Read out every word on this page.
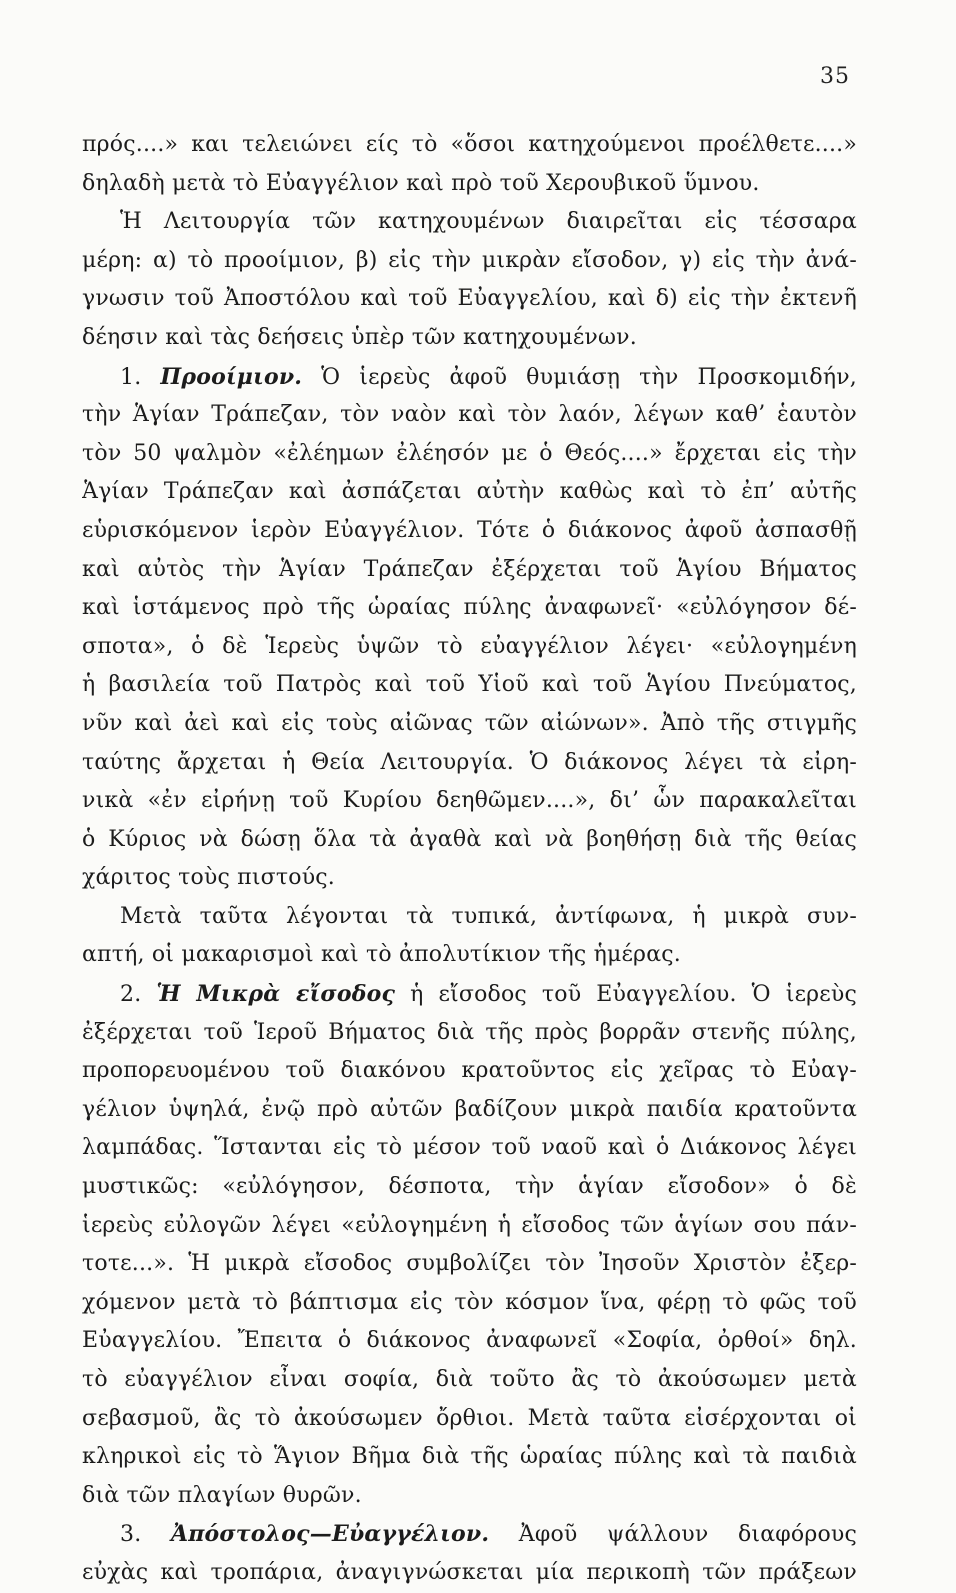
35
πρός....» και τελειώνει είς τὸ «ὅσοι κατηχούμενοι προέλθετε....»
δηλαδὴ μετὰ τὸ Εὐαγγέλιον καὶ πρὸ τοῦ Χερουβικοῦ ὕμνου.
Ἡ Λειτουργία τῶν κατηχουμένων διαιρεῖται εἰς τέσσαρα
μέρη: α) τὸ προοίμιον, β) εἰς τὴν μικρὰν εἴσοδον, γ) εἰς τὴν ἀνά-
γνωσιν τοῦ Ἀποστόλου καὶ τοῦ Εὐαγγελίου, καὶ δ) εἰς τὴν ἐκτενῆ
δέησιν καὶ τὰς δεήσεις ὑπὲρ τῶν κατηχουμένων.
1. Προοίμιον. Ὁ ἱερεὺς ἀφοῦ θυμιάσῃ τὴν Προσκομιδήν,
τὴν Ἁγίαν Τράπεζαν, τὸν ναὸν καὶ τὸν λαόν, λέγων καθ’ ἑαυτὸν
τὸν 50 ψαλμὸν «ἐλέημων ἐλέησόν με ὁ Θεός....» ἔρχεται εἰς τὴν
Ἁγίαν Τράπεζαν καὶ ἀσπάζεται αὐτὴν καθὼς καὶ τὸ ἐπ’ αὐτῆς
εὑρισκόμενον ἱερὸν Εὐαγγέλιον. Τότε ὁ διάκονος ἀφοῦ ἀσπασθῇ
καὶ αὐτὸς τὴν Ἁγίαν Τράπεζαν ἐξέρχεται τοῦ Ἁγίου Βήματος
καὶ ἱστάμενος πρὸ τῆς ὡραίας πύλης ἀναφωνεῖ· «εὐλόγησον δέ-
σποτα», ὁ δὲ Ἱερεὺς ὑψῶν τὸ εὐαγγέλιον λέγει· «εὐλογημένη
ἡ βασιλεία τοῦ Πατρὸς καὶ τοῦ Υἱοῦ καὶ τοῦ Ἁγίου Πνεύματος,
νῦν καὶ ἀεὶ καὶ εἰς τοὺς αἰῶνας τῶν αἰώνων». Ἀπὸ τῆς στιγμῆς
ταύτης ἄρχεται ἡ Θεία Λειτουργία. Ὁ διάκονος λέγει τὰ εἰρη-
νικὰ «ἐν εἰρήνῃ τοῦ Κυρίου δεηθῶμεν....», δι’ ὧν παρακαλεῖται
ὁ Κύριος νὰ δώσῃ ὅλα τὰ ἀγαθὰ καὶ νὰ βοηθήσῃ διὰ τῆς θείας
χάριτος τοὺς πιστούς.
Μετὰ ταῦτα λέγονται τὰ τυπικά, ἀντίφωνα, ἡ μικρὰ συν-
απτή, οἱ μακαρισμοὶ καὶ τὸ ἀπολυτίκιον τῆς ἡμέρας.
2. Ἡ Μικρὰ εἴσοδος ἡ εἴσοδος τοῦ Εὐαγγελίου. Ὁ ἱερεὺς
ἐξέρχεται τοῦ Ἱεροῦ Βήματος διὰ τῆς πρὸς βορρᾶν στενῆς πύλης,
προπορευομένου τοῦ διακόνου κρατοῦντος εἰς χεῖρας τὸ Εὐαγ-
γέλιον ὑψηλά, ἐνῷ πρὸ αὐτῶν βαδίζουν μικρὰ παιδία κρατοῦντα
λαμπάδας. Ἵστανται εἰς τὸ μέσον τοῦ ναοῦ καὶ ὁ Διάκονος λέγει
μυστικῶς: «εὐλόγησον, δέσποτα, τὴν ἁγίαν εἴσοδον» ὁ δὲ
ἱερεὺς εὐλογῶν λέγει «εὐλογημένη ἡ εἴσοδος τῶν ἁγίων σου πάν-
τοτε...». Ἡ μικρὰ εἴσοδος συμβολίζει τὸν Ἰησοῦν Χριστὸν ἐξερ-
χόμενον μετὰ τὸ βάπτισμα εἰς τὸν κόσμον ἵνα, φέρῃ τὸ φῶς τοῦ
Εὐαγγελίου. Ἔπειτα ὁ διάκονος ἀναφωνεῖ «Σοφία, ὀρθοί» δηλ.
τὸ εὐαγγέλιον εἶναι σοφία, διὰ τοῦτο ἂς τὸ ἀκούσωμεν μετὰ
σεβασμοῦ, ἂς τὸ ἀκούσωμεν ὄρθιοι. Μετὰ ταῦτα εἰσέρχονται οἱ
κληρικοὶ εἰς τὸ Ἅγιον Βῆμα διὰ τῆς ὡραίας πύλης καὶ τὰ παιδιὰ
διὰ τῶν πλαγίων θυρῶν.
3. Ἀπόστολος—Εὐαγγέλιον. Ἀφοῦ ψάλλουν διαφόρους
εὐχὰς καὶ τροπάρια, ἀναγιγνώσκεται μία περικοπὴ τῶν πράξεων
